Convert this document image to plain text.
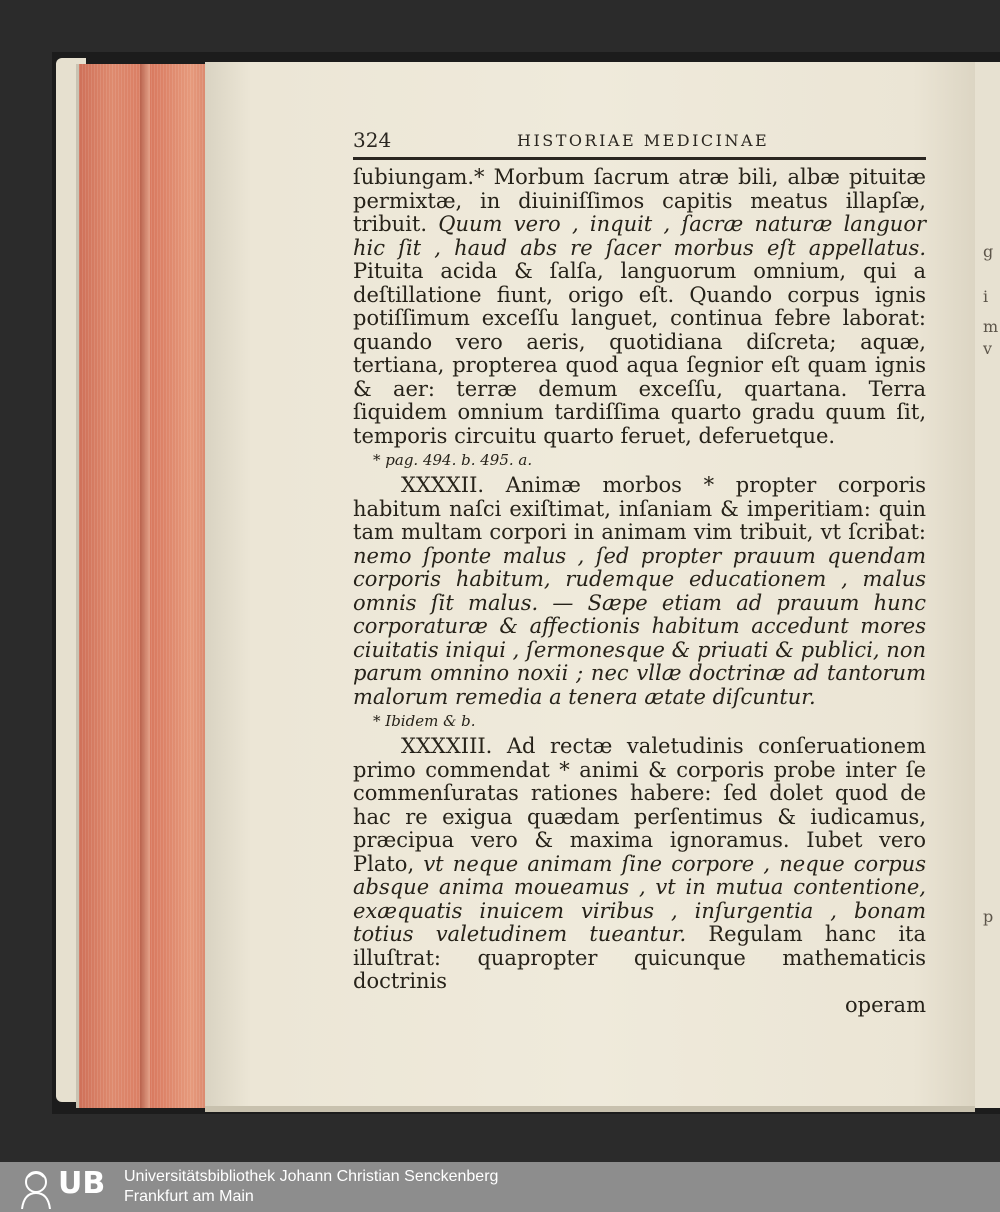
g
i
m
v
p
324	HISTORIAE MEDICINAE

ſubiungam.* Morbum ſacrum atræ bili, albæ pituitæ permixtæ, in diuiniſſimos capitis meatus illapſæ, tribuit. Quum vero , inquit , ſacræ naturæ languor hic ſit , haud abs re ſacer morbus eſt appellatus. Pituita acida & ſalſa, languorum omnium, qui a deſtillatione fiunt, origo eſt. Quando corpus ignis potiſſimum exceſſu languet, continua febre laborat: quando vero aeris, quotidiana diſcreta; aquæ, tertiana, propterea quod aqua ſegnior eſt quam ignis & aer: terræ demum exceſſu, quartana. Terra ſiquidem omnium tardiſſima quarto gradu quum ſit, temporis circuitu quarto feruet, deferuetque.

* pag. 494. b. 495. a.

XXXXII. Animæ morbos * propter corporis habitum naſci exiſtimat, inſaniam & imperitiam: quin tam multam corpori in animam vim tribuit, vt ſcribat: nemo ſponte malus , ſed propter prauum quendam corporis habitum, rudemque educationem , malus omnis ſit malus. — Sæpe etiam ad prauum hunc corporaturæ & affectionis habitum accedunt mores ciuitatis iniqui , ſermonesque & priuati & publici, non parum omnino noxii ; nec vllæ doctrinæ ad tantorum malorum remedia a tenera ætate diſcuntur.

* Ibidem & b.

XXXXIII. Ad rectæ valetudinis conſeruationem primo commendat * animi & corporis probe inter ſe commenſuratas rationes habere: ſed dolet quod de hac re exigua quædam perſentimus & iudicamus, præcipua vero & maxima ignoramus. Iubet vero Plato, vt neque animam ſine corpore , neque corpus absque anima moueamus , vt in mutua contentione, exæquatis inuicem viribus , inſurgentia , bonam totius valetudinem tueantur. Regulam hanc ita illuſtrat: quapropter quicunque mathematicis doctrinis

operam

UB Universitätsbibliothek Johann Christian Senckenberg
Frankfurt am Main
